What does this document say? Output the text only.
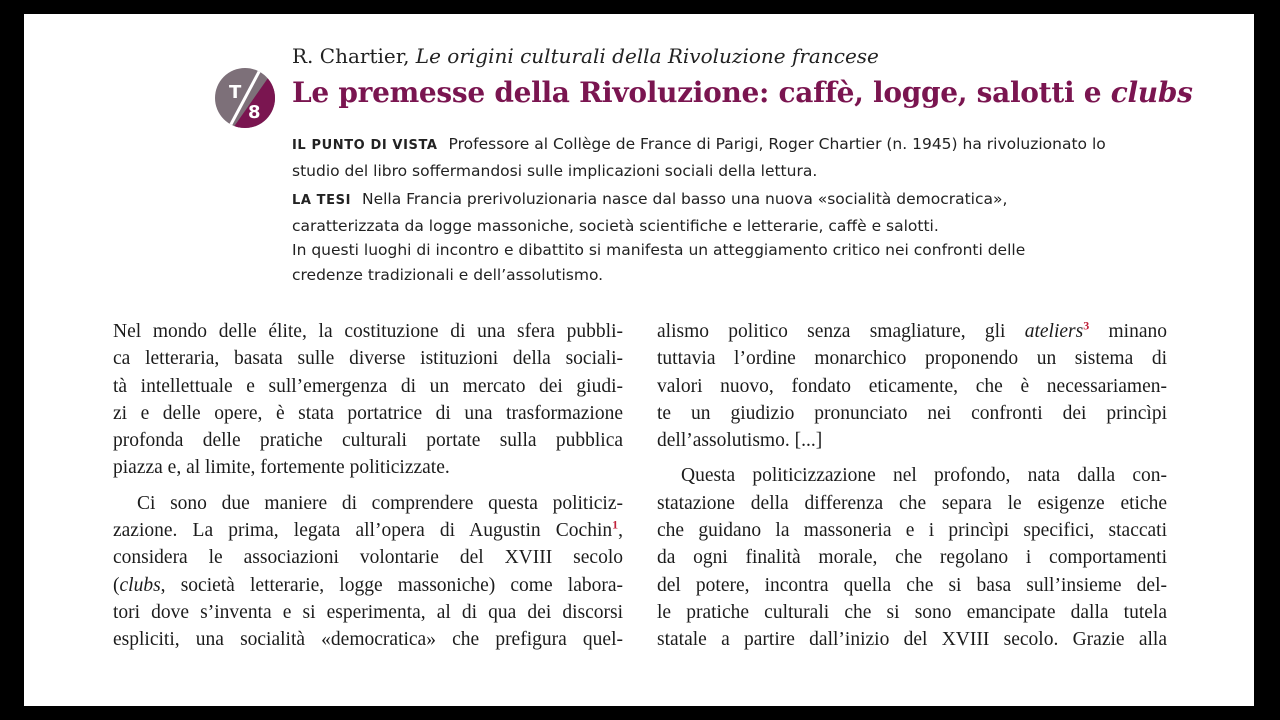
R. Chartier, Le origini culturali della Rivoluzione francese
T
8
Le premesse della Rivoluzione: caffè, logge, salotti e clubs
IL PUNTO DI VISTA Professore al Collège de France di Parigi, Roger Chartier (n. 1945) ha rivoluzionato lo
studio del libro soffermandosi sulle implicazioni sociali della lettura.
LA TESI Nella Francia prerivoluzionaria nasce dal basso una nuova «socialità democratica»,
caratterizzata da logge massoniche, società scientifiche e letterarie, caffè e salotti.
In questi luoghi di incontro e dibattito si manifesta un atteggiamento critico nei confronti delle
credenze tradizionali e dell’assolutismo.
Nel mondo delle élite, la costituzione di una sfera pubbli-
ca letteraria, basata sulle diverse istituzioni della sociali-
tà intellettuale e sull’emergenza di un mercato dei giudi-
zi e delle opere, è stata portatrice di una trasformazione
profonda delle pratiche culturali portate sulla pubblica
piazza e, al limite, fortemente politicizzate.
Ci sono due maniere di comprendere questa politiciz-
zazione. La prima, legata all’opera di Augustin Cochin$^1$,
considera le associazioni volontarie del XVIII secolo
(clubs, società letterarie, logge massoniche) come labora-
tori dove s’inventa e si esperimenta, al di qua dei discorsi
espliciti, una socialità «democratica» che prefigura quel-
alismo politico senza smagliature, gli ateliers$^3$ minano
tuttavia l’ordine monarchico proponendo un sistema di
valori nuovo, fondato eticamente, che è necessariamen-
te un giudizio pronunciato nei confronti dei princìpi
dell’assolutismo. [...]
Questa politicizzazione nel profondo, nata dalla con-
statazione della differenza che separa le esigenze etiche
che guidano la massoneria e i princìpi specifici, staccati
da ogni finalità morale, che regolano i comportamenti
del potere, incontra quella che si basa sull’insieme del-
le pratiche culturali che si sono emancipate dalla tutela
statale a partire dall’inizio del XVIII secolo. Grazie alla
